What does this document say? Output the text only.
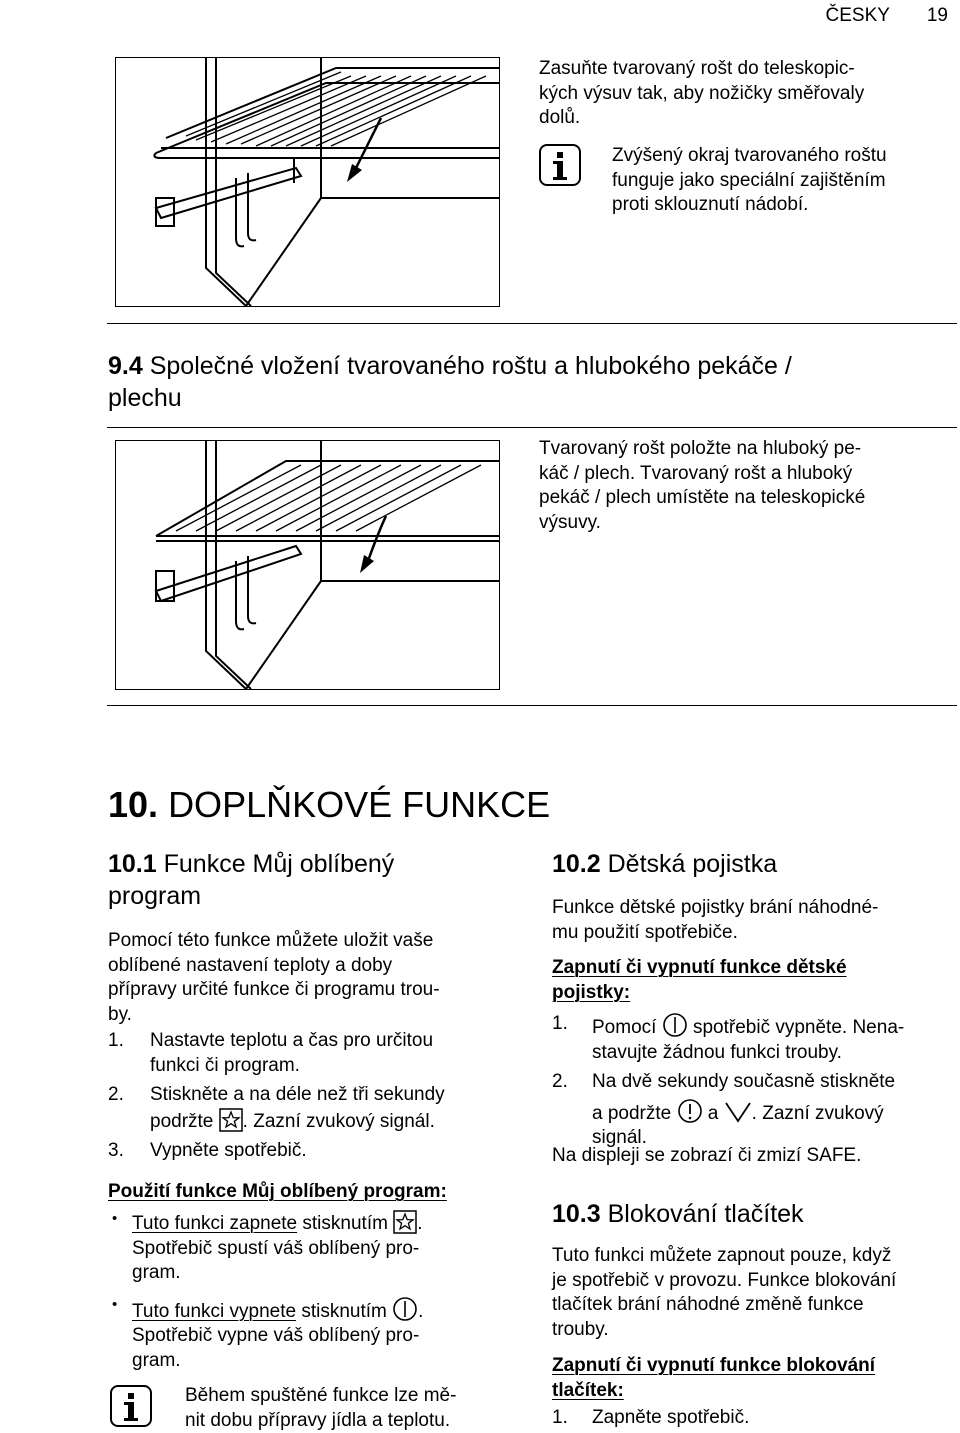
ČESKY 19
Zasuňte tvarovaný rošt do teleskopic-
kých výsuv tak, aby nožičky směřovaly
dolů.
Zvýšený okraj tvarovaného roštu
funguje jako speciální zajištěním
proti sklouznutí nádobí.
9.4 Společné vložení tvarovaného roštu a hlubokého pekáče /
plechu
Tvarovaný rošt položte na hluboký pe-
káč / plech. Tvarovaný rošt a hluboký
pekáč / plech umístěte na teleskopické
výsuvy.
10. DOPLŇKOVÉ FUNKCE
10.1 Funkce Můj oblíbený
program
Pomocí této funkce můžete uložit vaše
oblíbené nastavení teploty a doby
přípravy určité funkce či programu trou-
by.
1. Nastavte teplotu a čas pro určitou
funkci či program.
2. Stiskněte a na déle než tři sekundy
podržte . Zazní zvukový signál.
3. Vypněte spotřebič.
Použití funkce Můj oblíbený program:
• Tuto funkci zapnete stisknutím .
Spotřebič spustí váš oblíbený pro-
gram.
• Tuto funkci vypnete stisknutím .
Spotřebič vypne váš oblíbený pro-
gram.
Během spuštěné funkce lze mě-
nit dobu přípravy jídla a teplotu.
10.2 Dětská pojistka
Funkce dětské pojistky brání náhodné-
mu použití spotřebiče.
Zapnutí či vypnutí funkce dětské
pojistky:
1. Pomocí spotřebič vypněte. Nena-
stavujte žádnou funkci trouby.
2. Na dvě sekundy současně stiskněte
a podržte a . Zazní zvukový
signál.
Na displeji se zobrazí či zmizí SAFE.
10.3 Blokování tlačítek
Tuto funkci můžete zapnout pouze, když
je spotřebič v provozu. Funkce blokování
tlačítek brání náhodné změně funkce
trouby.
Zapnutí či vypnutí funkce blokování
tlačítek:
1. Zapněte spotřebič.
